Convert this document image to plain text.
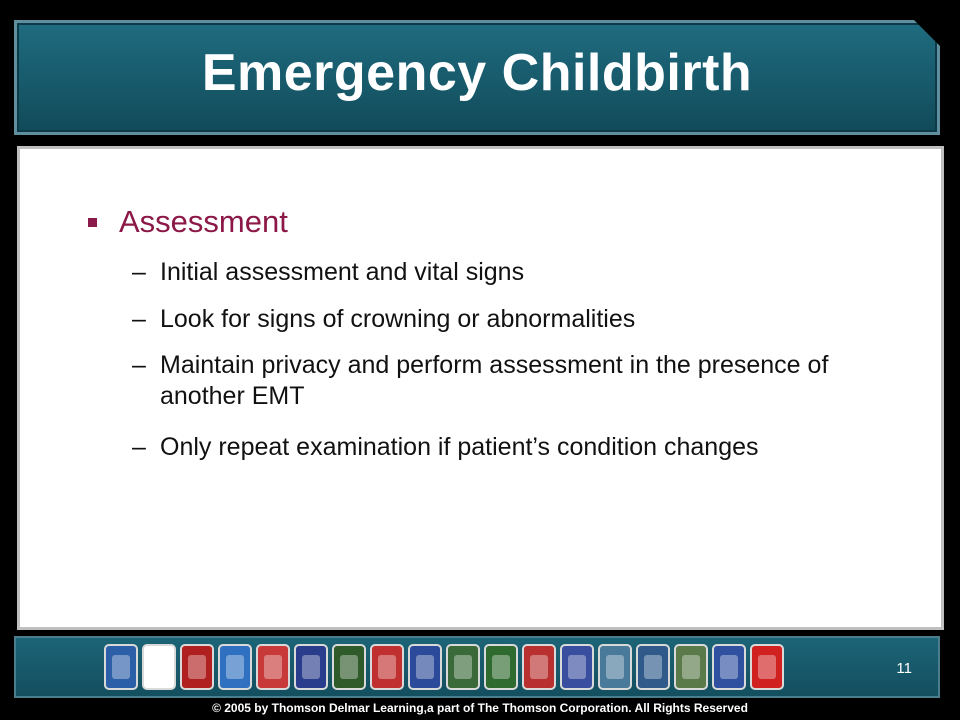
Emergency Childbirth
Assessment
– Initial assessment and vital signs
– Look for signs of crowning or abnormalities
– Maintain privacy and perform assessment in the presence of another EMT
– Only repeat examination if patient’s condition changes
11
© 2005 by Thomson Delmar Learning,a part of The Thomson Corporation. All Rights Reserved
